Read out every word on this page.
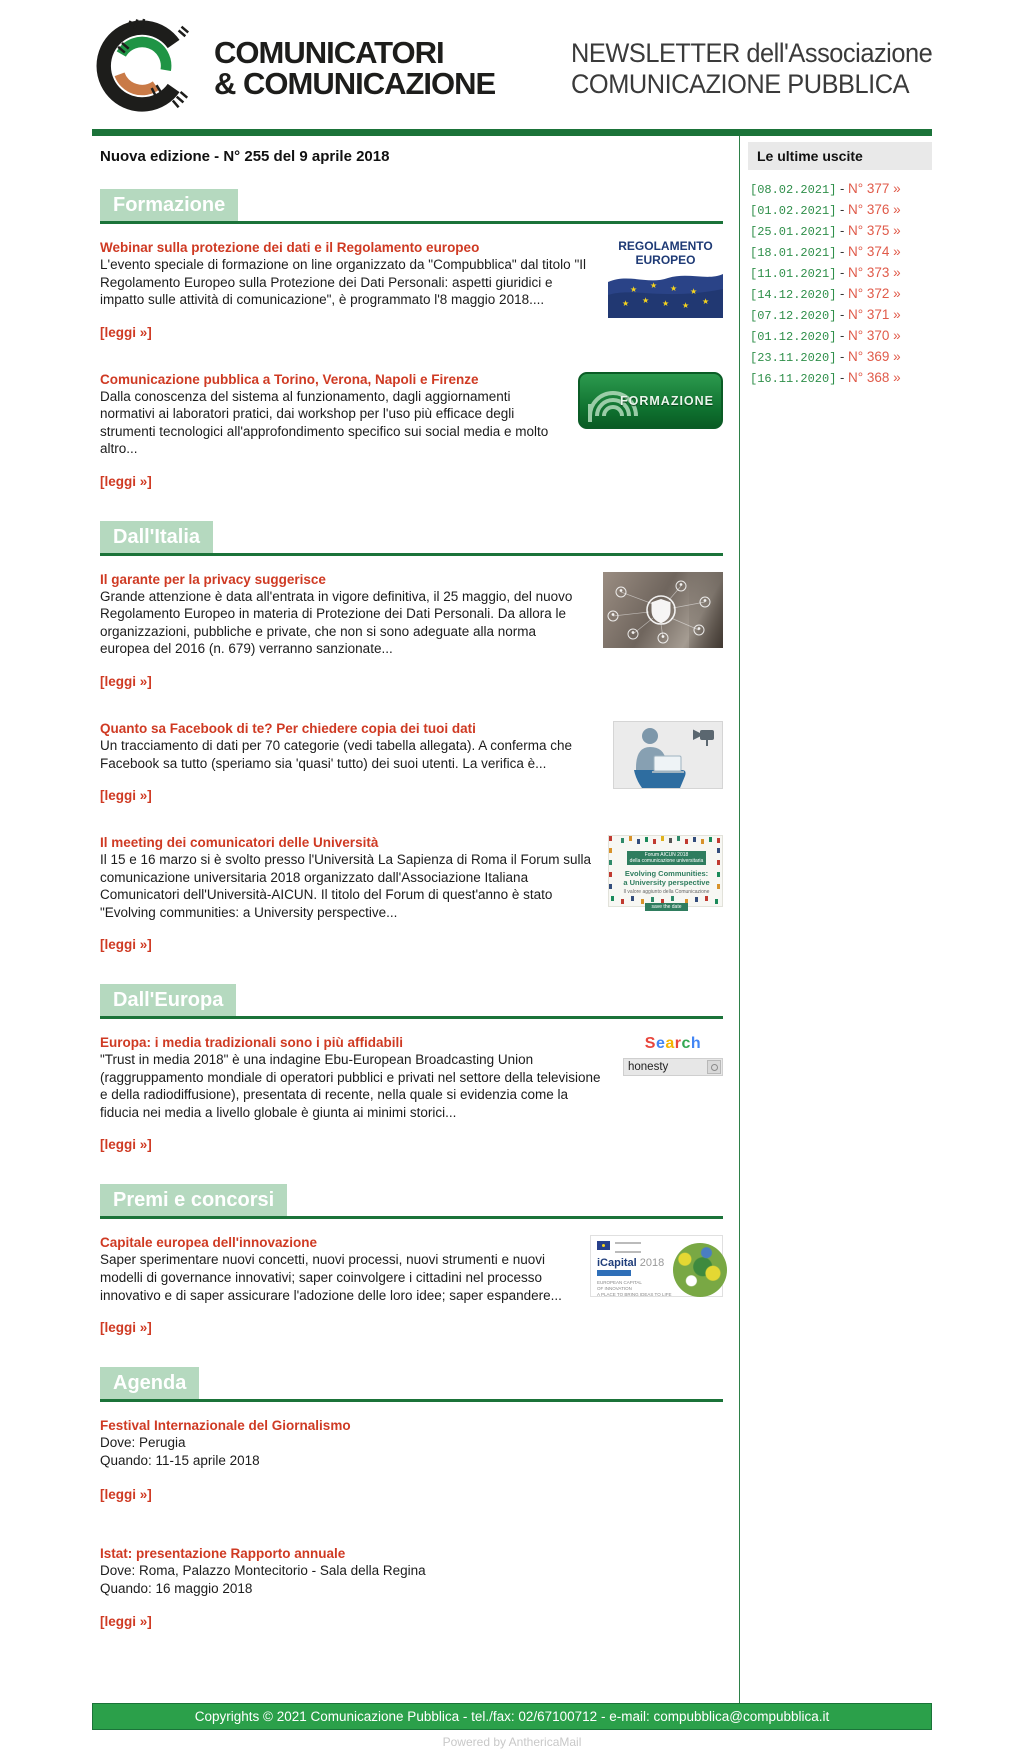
COMUNICATORI
& COMUNICAZIONE
NEWSLETTER dell'Associazione
COMUNICAZIONE PUBBLICA
Nuova edizione - N° 255 del 9 aprile 2018
Formazione
Webinar sulla protezione dei dati e il Regolamento europeo
L'evento speciale di formazione on line organizzato da "Compubblica" dal titolo "Il Regolamento Europeo sulla Protezione dei Dati Personali: aspetti giuridici e impatto sulle attività di comunicazione", è programmato l'8 maggio 2018....
[leggi »]
REGOLAMENTO
EUROPEO
★ ★ ★ ★
★ ★ ★ ★ ★
Comunicazione pubblica a Torino, Verona, Napoli e Firenze
Dalla conoscenza del sistema al funzionamento, dagli aggiornamenti normativi ai laboratori pratici, dai workshop per l'uso più efficace degli strumenti tecnologici all'approfondimento specifico sui social media e molto altro...
[leggi »]
FORMAZIONE
Dall'Italia
Il garante per la privacy suggerisce
Grande attenzione è data all'entrata in vigore definitiva, il 25 maggio, del nuovo Regolamento Europeo in materia di Protezione dei Dati Personali. Da allora le organizzazioni, pubbliche e private, che non si sono adeguate alla norma europea del 2016 (n. 679) verranno sanzionate...
[leggi »]
Quanto sa Facebook di te? Per chiedere copia dei tuoi dati
Un tracciamento di dati per 70 categorie (vedi tabella allegata). A conferma che Facebook sa tutto (speriamo sia 'quasi' tutto) dei suoi utenti. La verifica è...
[leggi »]
Il meeting dei comunicatori delle Università
Il 15 e 16 marzo si è svolto presso l'Università La Sapienza di Roma il Forum sulla comunicazione universitaria 2018 organizzato dall'Associazione Italiana Comunicatori dell'Università-AICUN. Il titolo del Forum di quest'anno è stato "Evolving communities: a University perspective...
[leggi »]
Forum AICUN 2018
della comunicazione universitaria
Evolving Communities: a University perspective
Il valore aggiunto della Comunicazione
save the date
Dall'Europa
Europa: i media tradizionali sono i più affidabili
"Trust in media 2018" è una indagine Ebu-European Broadcasting Union (raggruppamento mondiale di operatori pubblici e privati nel settore della televisione e della radiodiffusione), presentata di recente, nella quale si evidenzia come la fiducia nei media a livello globale è giunta ai minimi storici...
[leggi »]
Search
honesty
Premi e concorsi
Capitale europea dell'innovazione
Saper sperimentare nuovi concetti, nuovi processi, nuovi strumenti e nuovi modelli di governance innovativi; saper coinvolgere i cittadini nel processo innovativo e di saper assicurare l'adozione delle loro idee; saper espandere...
[leggi »]
iCapital 2018
EUROPEAN CAPITAL
OF INNOVATION
A PLACE TO BRING IDEAS TO LIFE
Agenda
Festival Internazionale del Giornalismo
Dove: Perugia
Quando: 11-15 aprile 2018
[leggi »]
Istat: presentazione Rapporto annuale
Dove: Roma, Palazzo Montecitorio - Sala della Regina
Quando: 16 maggio 2018
[leggi »]
Le ultime uscite
[08.02.2021] - N° 377 »
[01.02.2021] - N° 376 »
[25.01.2021] - N° 375 »
[18.01.2021] - N° 374 »
[11.01.2021] - N° 373 »
[14.12.2020] - N° 372 »
[07.12.2020] - N° 371 »
[01.12.2020] - N° 370 »
[23.11.2020] - N° 369 »
[16.11.2020] - N° 368 »
Copyrights © 2021 Comunicazione Pubblica - tel./fax: 02/67100712 - e-mail: compubblica@compubblica.it
Powered by AnthericaMail
